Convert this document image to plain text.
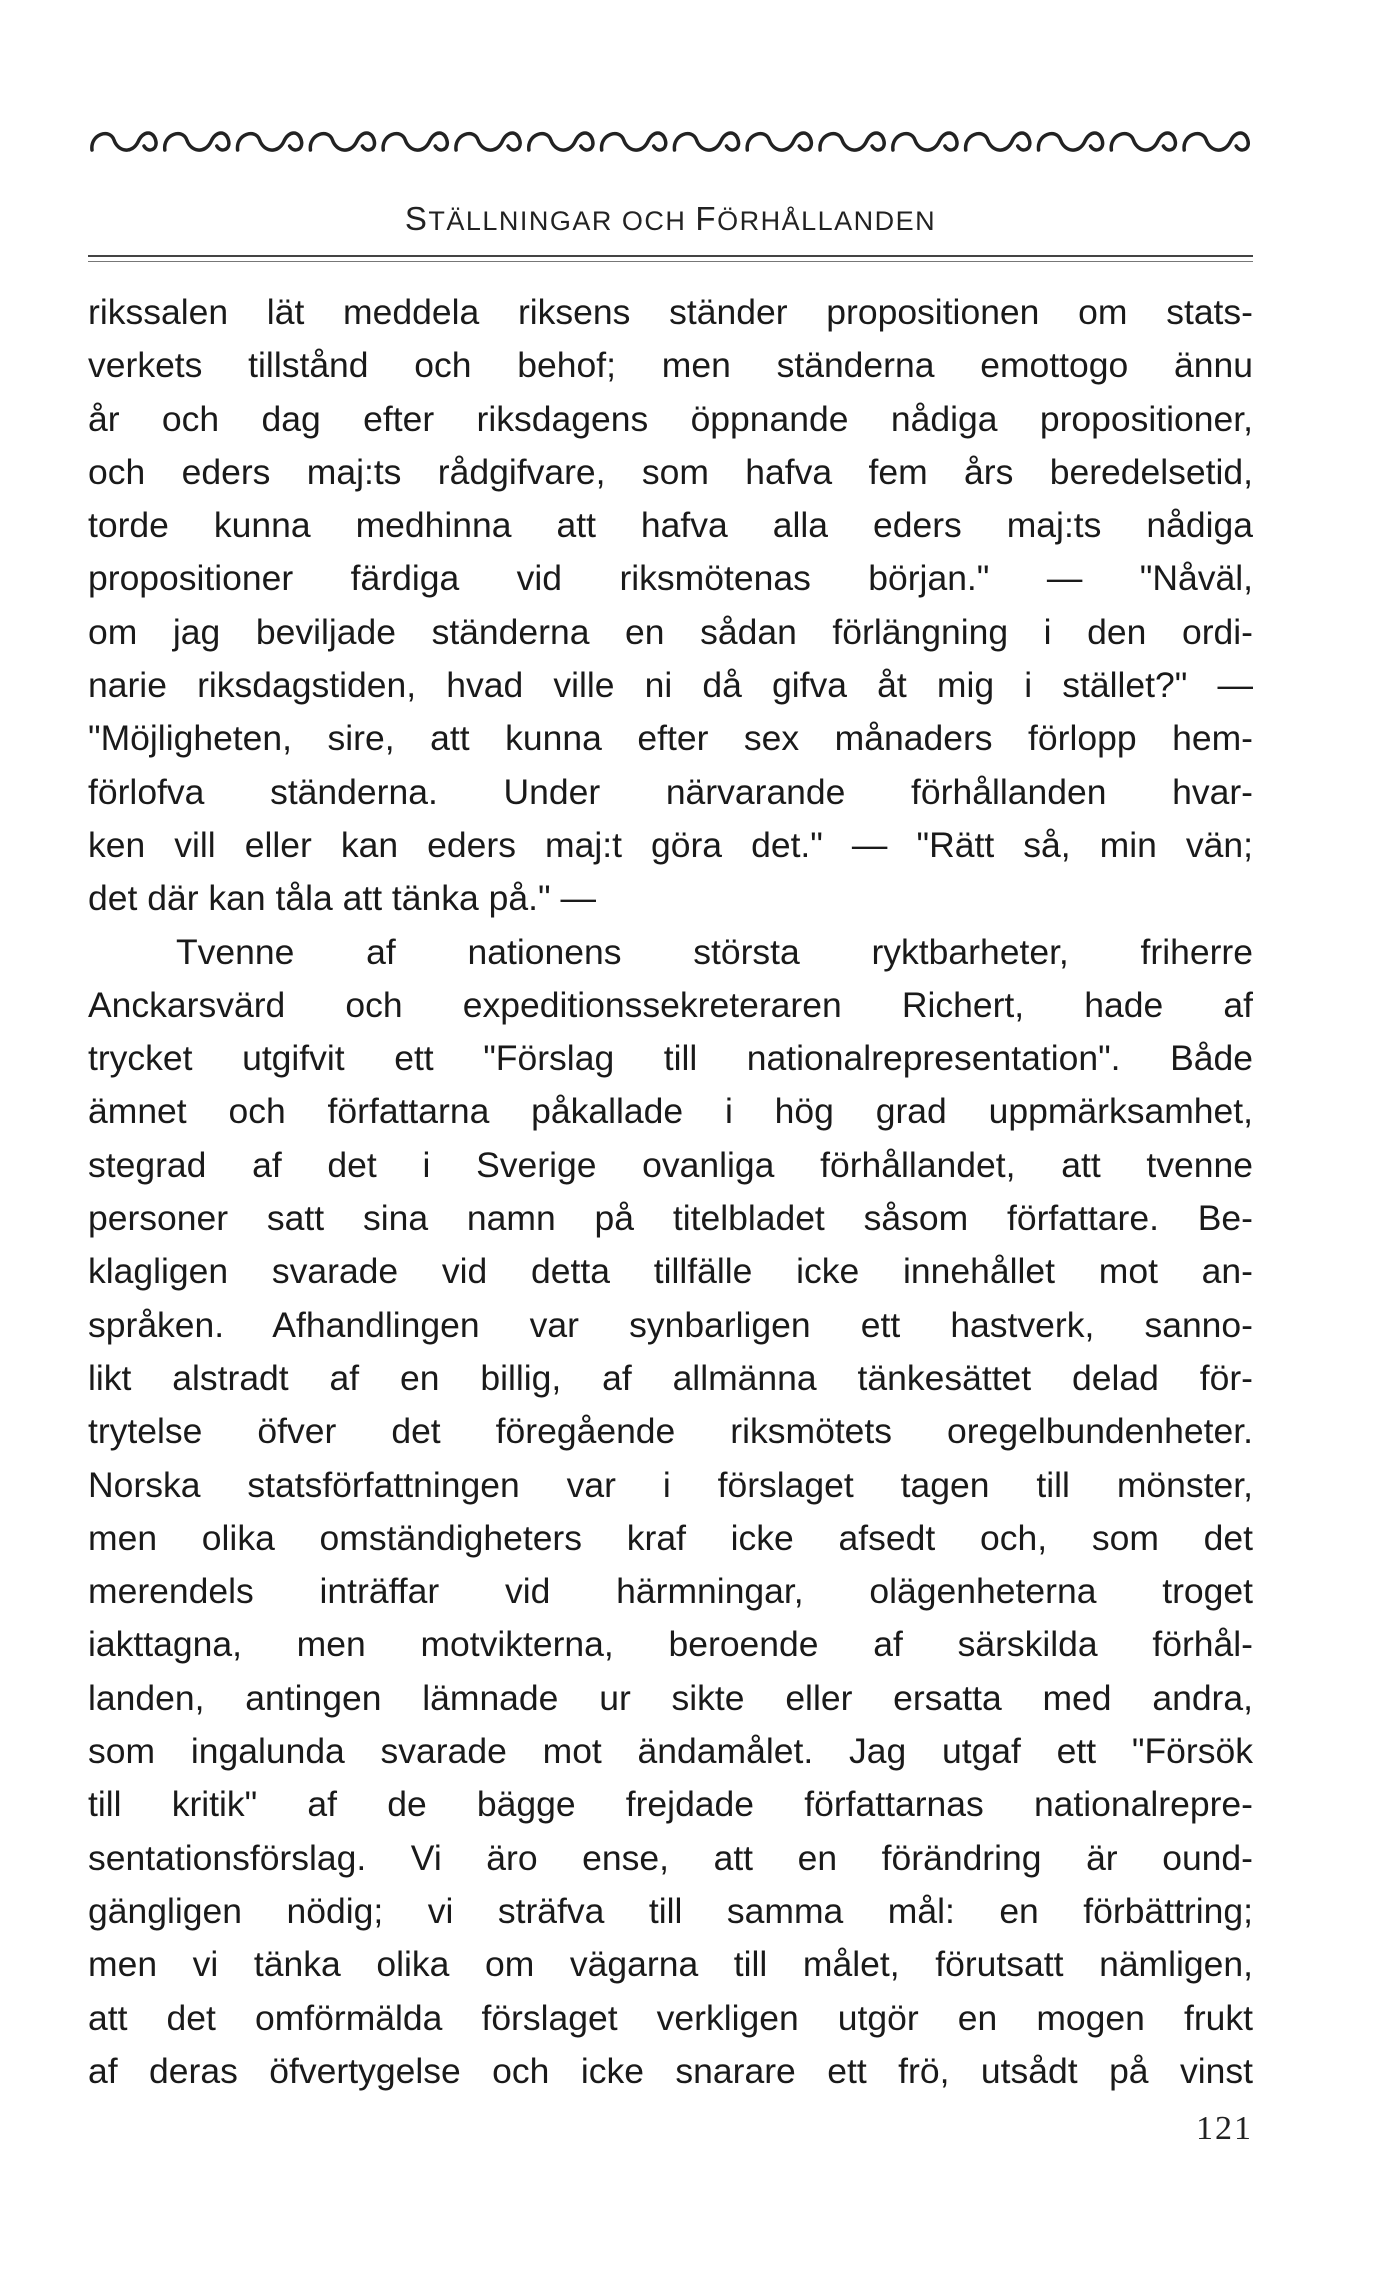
STÄLLNINGAR OCH FÖRHÅLLANDEN
rikssalen lät meddela riksens ständer propositionen om stats-
verkets tillstånd och behof; men ständerna emottogo ännu
år och dag efter riksdagens öppnande nådiga propositioner,
och eders maj:ts rådgifvare, som hafva fem års beredelsetid,
torde kunna medhinna att hafva alla eders maj:ts nådiga
propositioner färdiga vid riksmötenas början." — "Nåväl,
om jag beviljade ständerna en sådan förlängning i den ordi-
narie riksdagstiden, hvad ville ni då gifva åt mig i stället?" —
"Möjligheten, sire, att kunna efter sex månaders förlopp hem-
förlofva ständerna. Under närvarande förhållanden hvar-
ken vill eller kan eders maj:t göra det." — "Rätt så, min vän;
det där kan tåla att tänka på." —
Tvenne af nationens största ryktbarheter, friherre
Anckarsvärd och expeditionssekreteraren Richert, hade af
trycket utgifvit ett "Förslag till nationalrepresentation". Både
ämnet och författarna påkallade i hög grad uppmärksamhet,
stegrad af det i Sverige ovanliga förhållandet, att tvenne
personer satt sina namn på titelbladet såsom författare. Be-
klagligen svarade vid detta tillfälle icke innehållet mot an-
språken. Afhandlingen var synbarligen ett hastverk, sanno-
likt alstradt af en billig, af allmänna tänkesättet delad för-
trytelse öfver det föregående riksmötets oregelbundenheter.
Norska statsförfattningen var i förslaget tagen till mönster,
men olika omständigheters kraf icke afsedt och, som det
merendels inträffar vid härmningar, olägenheterna troget
iakttagna, men motvikterna, beroende af särskilda förhål-
landen, antingen lämnade ur sikte eller ersatta med andra,
som ingalunda svarade mot ändamålet. Jag utgaf ett "Försök
till kritik" af de bägge frejdade författarnas nationalrepre-
sentationsförslag. Vi äro ense, att en förändring är ound-
gängligen nödig; vi sträfva till samma mål: en förbättring;
men vi tänka olika om vägarna till målet, förutsatt nämligen,
att det omförmälda förslaget verkligen utgör en mogen frukt
af deras öfvertygelse och icke snarare ett frö, utsådt på vinst
121
